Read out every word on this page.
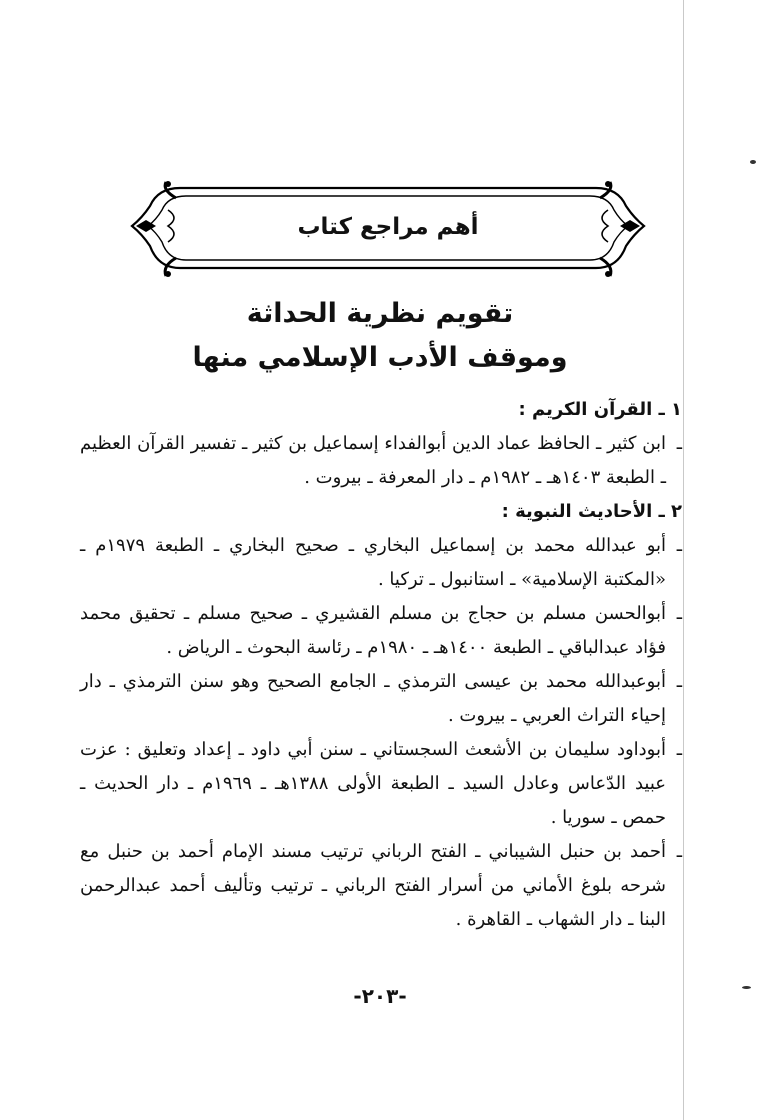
أهم مراجع كتاب
تقويم نظرية الحداثة
وموقف الأدب الإسلامي منها
١ ـ القرآن الكريم :
ـ
ابن كثير ـ الحافظ عماد الدين أبوالفداء إسماعيل بن كثير ـ تفسير القرآن العظيم ـ الطبعة ١٤٠٣هـ ـ ١٩٨٢م ـ دار المعرفة ـ بيروت .
٢ ـ الأحاديث النبوية :
ـ
أبو عبدالله محمد بن إسماعيل البخاري ـ صحيح البخاري ـ الطبعة ١٩٧٩م ـ «المكتبة الإسلامية» ـ استانبول ـ تركيا .
ـ
أبوالحسن مسلم بن حجاج بن مسلم القشيري ـ صحيح مسلم ـ تحقيق محمد فؤاد عبدالباقي ـ الطبعة ١٤٠٠هـ ـ ١٩٨٠م ـ رئاسة البحوث ـ الرياض .
ـ
أبوعبدالله محمد بن عيسى الترمذي ـ الجامع الصحيح وهو سنن الترمذي ـ دار إحياء التراث العربي ـ بيروت .
ـ
أبوداود سليمان بن الأشعث السجستاني ـ سنن أبي داود ـ إعداد وتعليق : عزت عبيد الدّعاس وعادل السيد ـ الطبعة الأولى ١٣٨٨هـ ـ ١٩٦٩م ـ دار الحديث ـ حمص ـ سوريا .
ـ
أحمد بن حنبل الشيباني ـ الفتح الرباني ترتيب مسند الإمام أحمد بن حنبل مع شرحه بلوغ الأماني من أسرار الفتح الرباني ـ ترتيب وتأليف أحمد عبدالرحمن البنا ـ دار الشهاب ـ القاهرة .
-٢٠٣-
